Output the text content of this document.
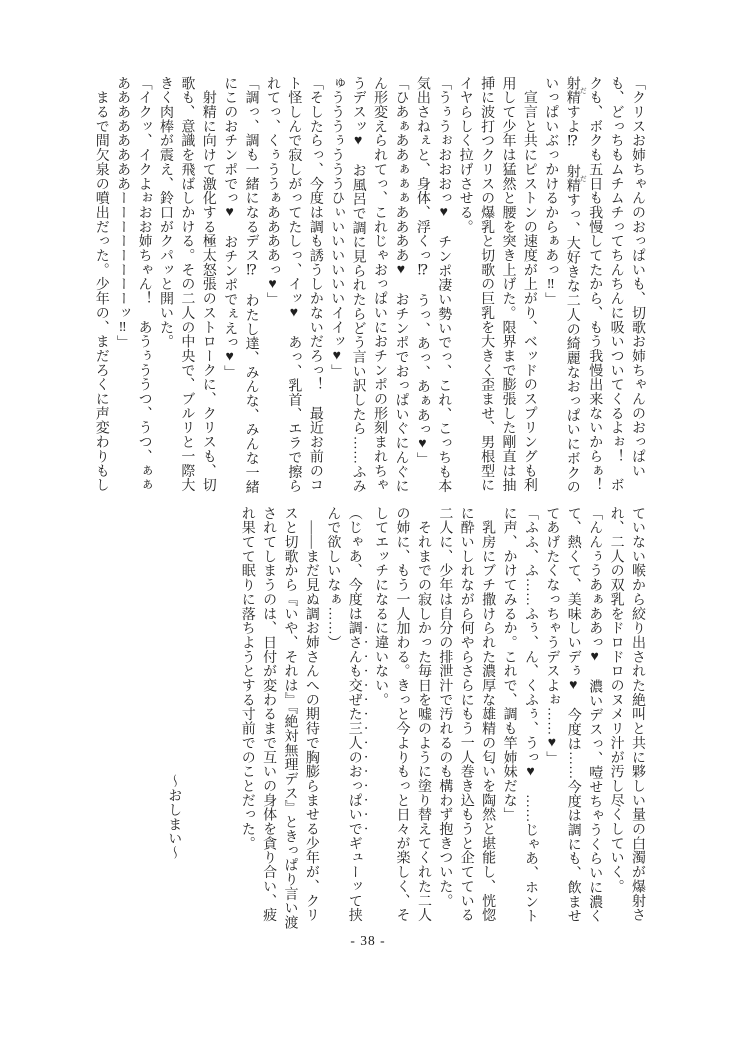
「クリスお姉ちゃんのおっぱいも、切歌お姉ちゃんのおっぱいも、どっちもムチムチってちんちんに吸いついてくるよぉ！　ボクも、ボクも五日も我慢してたから、もう我慢出来ないからぁ！　射精 だすよ⁉　射精 だすっ、大好きな二人の綺麗なおっぱいにボクのいっぱいぶっかけるからぁあっ‼」

　宣言と共にピストンの速度が上がり、ベッドのスプリングも利用して少年は猛然と腰を突き上げた。限界まで膨張した剛直は抽挿に波打つクリスの爆乳と切歌の巨乳を大きく歪ませ、男根型にイヤらしく拉げさせる。

「うぅうぉおおおっ♥　チンポ凄い勢いでっ、これ、こっちも本気出さねぇと、身体、浮くっ⁉　うっ、あっ、あぁあっ♥」

「ひあぁああぁぁぁああああ♥　おチンポでおっぱいぐにんぐにん形変えられてっ、これじゃおっぱいにおチンポの形刻まれちゃうデスッ♥　お風呂で調に見られたらどう言い訳したら……ふみゅうううぅうううひぃいいいいいいイイッ♥」

「そしたらっ、今度は調も誘うしかないだろっ！　最近お前のコト怪しんで寂しがってたしっ、イッ♥　あっ、乳首、エラで擦られてっ、くぅううぁああああっ♥」

「調っ、調も一緒になるデス⁉　わたし達、みんな、みんな一緒にこのおチンポでっ♥　おチンポでぇえっ♥」

　射精に向けて激化する極太怒張のストロークに、クリスも、切歌も、意識を飛ばしかける。その二人の中央で、ブルリと一際大きく肉棒が震え、鈴口がクパッと開いた。

「イクッ、イクよぉおお姉ちゃん！　あうぅううつ、うつ、ぁぁああああああああーーーーーーーーッ‼」

　まるで間欠泉の噴出だった。少年の、まだろくに声変わりもし

ていない喉から絞り出された絶叫と共に夥しい量の白濁が爆射され、二人の双乳をドロドロのヌメリ汁が汚し尽くしていく。

「んんぅうあぁああっ♥　濃いデスっ、噎せちゃうくらいに濃くて、熱くて、美味しいデぅ♥　今度は……今度は調にも、飲ませてあげたくなっちゃうデスよぉ……♥」

「ふふ、ふ……ふぅ、ん、くふぅ、うっ♥　……じゃあ、ホントに声、かけてみるか。これで、調も竿姉妹だな」

　乳房にブチ撒けられた濃厚な雄精の匂いを陶然と堪能し、恍惚に酔いしれながら何やらさらにもう一人巻き込もうと企てている二人に、少年は自分の排泄汁で汚れるのも構わず抱きついた。

　それまでの寂しかった毎日を嘘のように塗り替えてくれた二人の姉に、もう一人加わる。きっと今よりもっと日々が楽しく、そしてエッチになるに違いない。

（じゃあ、今度は調さんも交ぜた三人のおっぱいでギューッて挟んで欲しいなぁ……）

　――まだ見ぬ調お姉さんへの期待で胸膨らませる少年が、クリスと切歌から『いや、それは』『絶対無理デス』ときっぱり言い渡されてしまうのは、日付が変わるまで互いの身体を貪り合い、疲れ果てて眠りに落ちようとする寸前でのことだった。

〜おしまい〜

- 38 -
